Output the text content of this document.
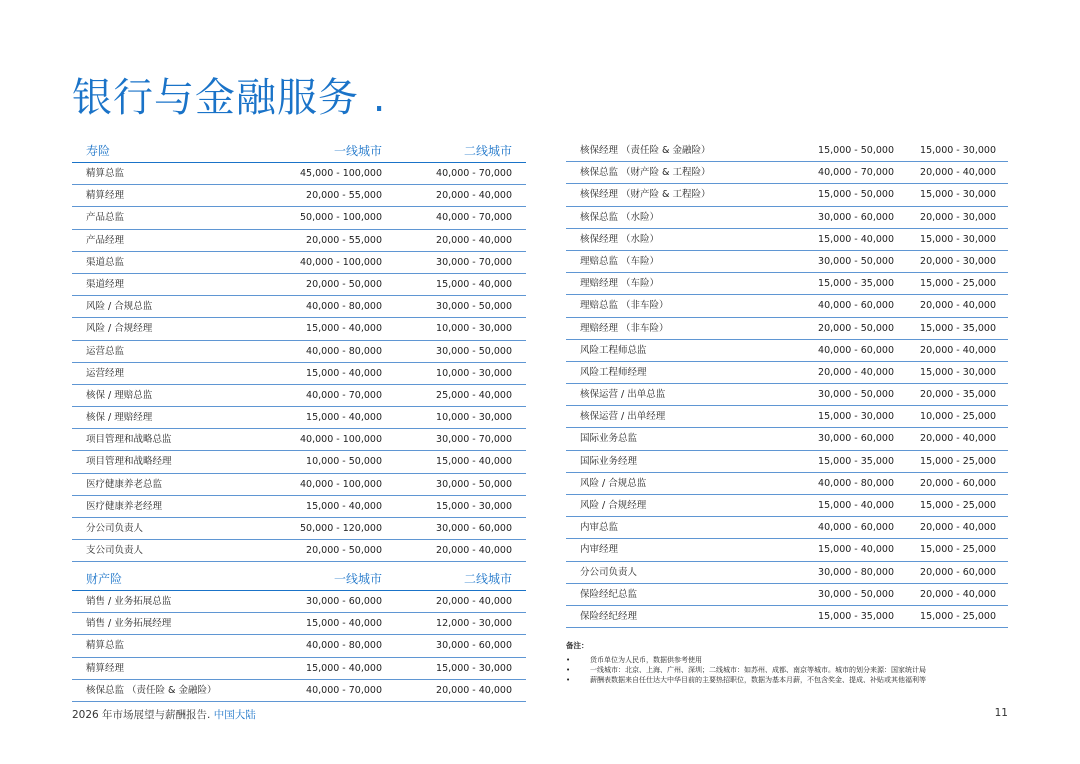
银行与金融服务 .
寿险	一线城市	二线城市
精算总监	45,000 - 100,000	40,000 - 70,000
精算经理	20,000 - 55,000	20,000 - 40,000
产品总监	50,000 - 100,000	40,000 - 70,000
产品经理	20,000 - 55,000	20,000 - 40,000
渠道总监	40,000 - 100,000	30,000 - 70,000
渠道经理	20,000 - 50,000	15,000 - 40,000
风险 / 合规总监	40,000 - 80,000	30,000 - 50,000
风险 / 合规经理	15,000 - 40,000	10,000 - 30,000
运营总监	40,000 - 80,000	30,000 - 50,000
运营经理	15,000 - 40,000	10,000 - 30,000
核保 / 理赔总监	40,000 - 70,000	25,000 - 40,000
核保 / 理赔经理	15,000 - 40,000	10,000 - 30,000
项目管理和战略总监	40,000 - 100,000	30,000 - 70,000
项目管理和战略经理	10,000 - 50,000	15,000 - 40,000
医疗健康养老总监	40,000 - 100,000	30,000 - 50,000
医疗健康养老经理	15,000 - 40,000	15,000 - 30,000
分公司负责人	50,000 - 120,000	30,000 - 60,000
支公司负责人	20,000 - 50,000	20,000 - 40,000
财产险	一线城市	二线城市
销售 / 业务拓展总监	30,000 - 60,000	20,000 - 40,000
销售 / 业务拓展经理	15,000 - 40,000	12,000 - 30,000
精算总监	40,000 - 80,000	30,000 - 60,000
精算经理	15,000 - 40,000	15,000 - 30,000
核保总监 （责任险 & 金融险）	40,000 - 70,000	20,000 - 40,000
核保经理 （责任险 & 金融险）	15,000 - 50,000	15,000 - 30,000
核保总监 （财产险 & 工程险）	40,000 - 70,000	20,000 - 40,000
核保经理 （财产险 & 工程险）	15,000 - 50,000	15,000 - 30,000
核保总监 （水险）	30,000 - 60,000	20,000 - 30,000
核保经理 （水险）	15,000 - 40,000	15,000 - 30,000
理赔总监 （车险）	30,000 - 50,000	20,000 - 30,000
理赔经理 （车险）	15,000 - 35,000	15,000 - 25,000
理赔总监 （非车险）	40,000 - 60,000	20,000 - 40,000
理赔经理 （非车险）	20,000 - 50,000	15,000 - 35,000
风险工程师总监	40,000 - 60,000	20,000 - 40,000
风险工程师经理	20,000 - 40,000	15,000 - 30,000
核保运营 / 出单总监	30,000 - 50,000	20,000 - 35,000
核保运营 / 出单经理	15,000 - 30,000	10,000 - 25,000
国际业务总监	30,000 - 60,000	20,000 - 40,000
国际业务经理	15,000 - 35,000	15,000 - 25,000
风险 / 合规总监	40,000 - 80,000	20,000 - 60,000
风险 / 合规经理	15,000 - 40,000	15,000 - 25,000
内审总监	40,000 - 60,000	20,000 - 40,000
内审经理	15,000 - 40,000	15,000 - 25,000
分公司负责人	30,000 - 80,000	20,000 - 60,000
保险经纪总监	30,000 - 50,000	20,000 - 40,000
保险经纪经理	15,000 - 35,000	15,000 - 25,000
备注：
•	货币单位为人民币，数据供参考使用
•	一线城市：北京、上海、广州、深圳；二线城市：如苏州、成都、南京等城市。城市的划分来源：国家统计局
•	薪酬表数据来自任仕达大中华目前的主要热招职位，数据为基本月薪，不包含奖金、提成、补贴或其他福利等
2026 年市场展望与薪酬报告. 中国大陆	11
